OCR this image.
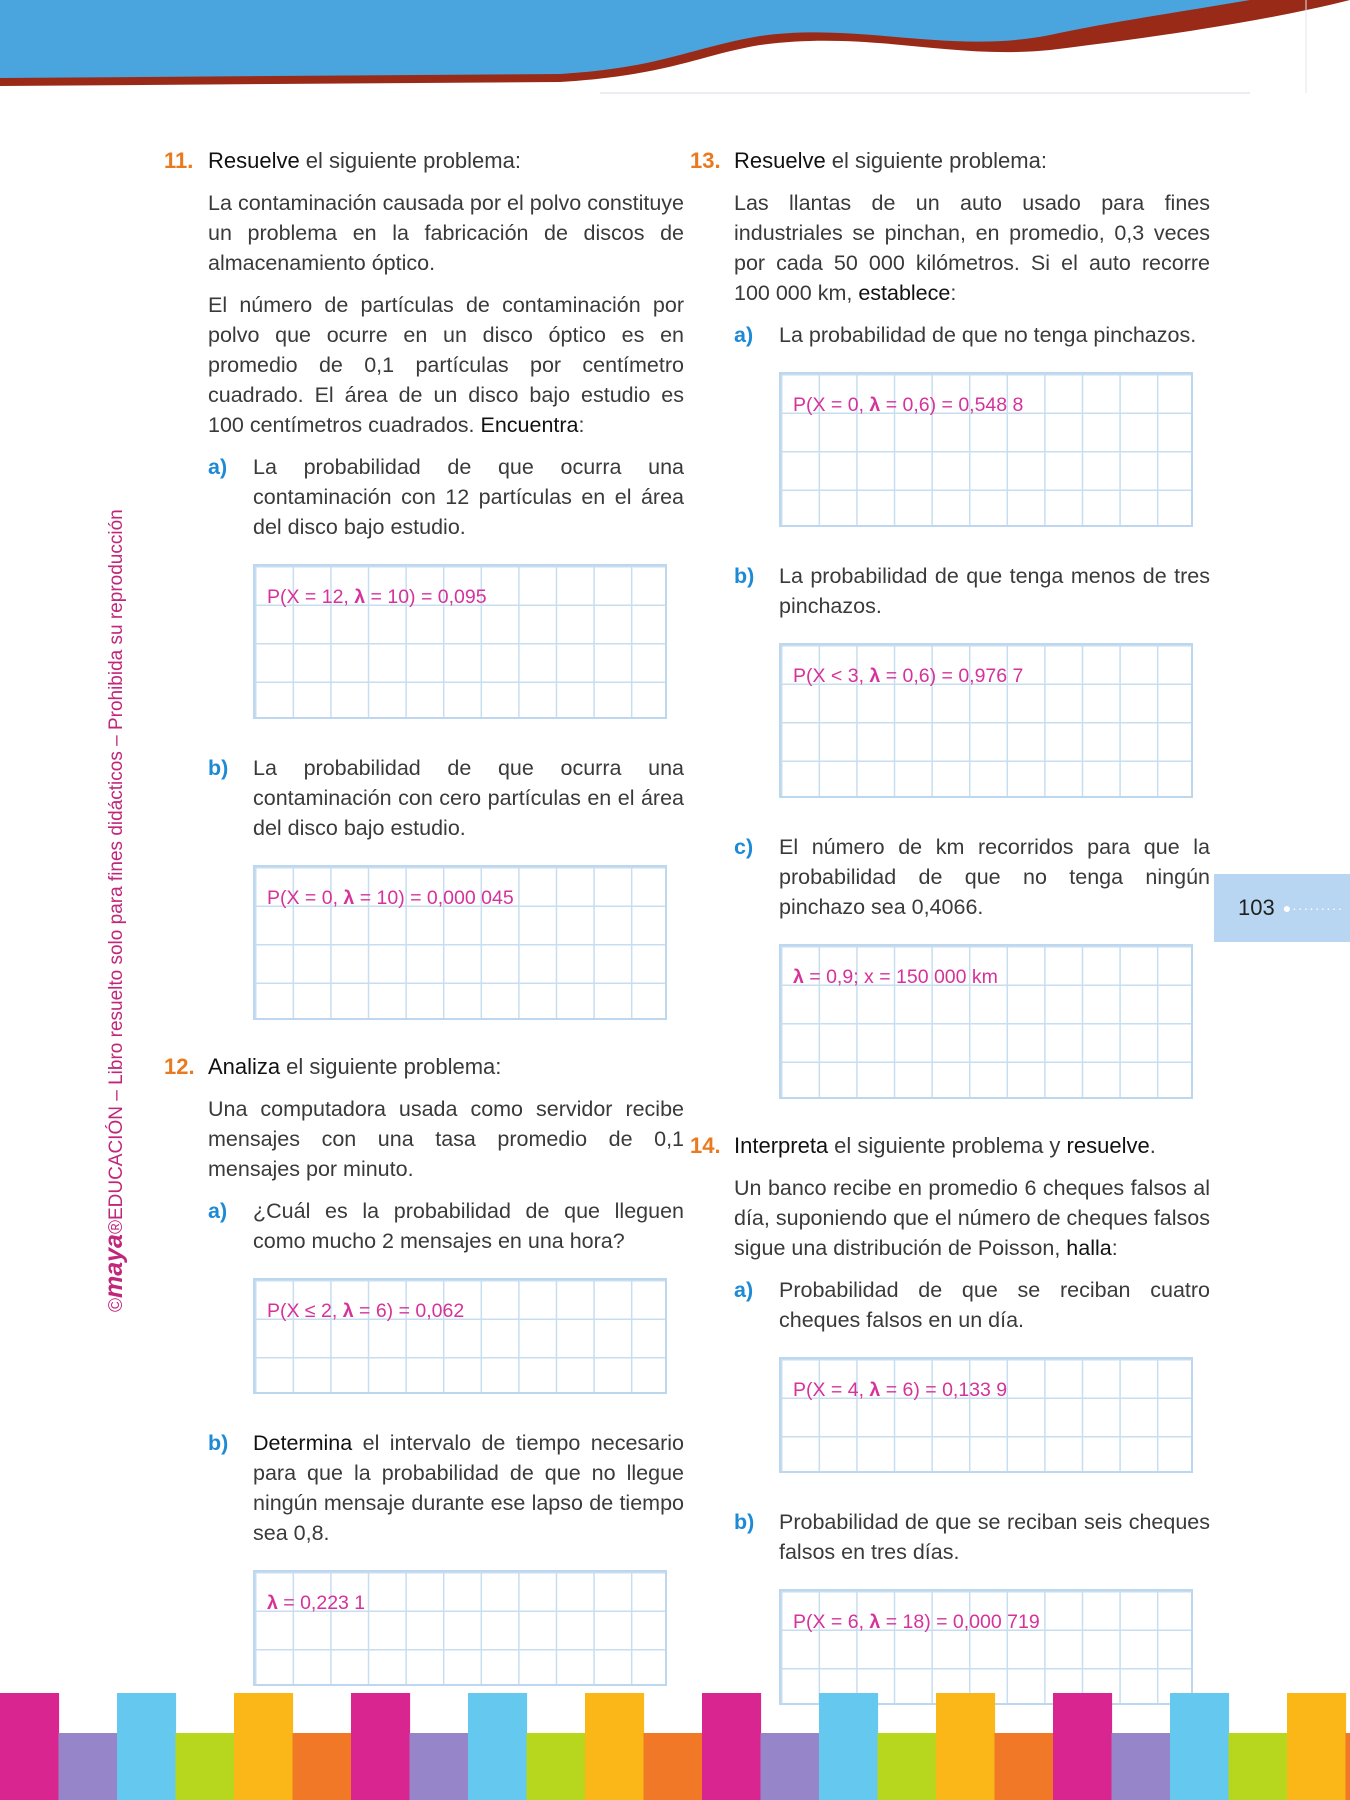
©maya®EDUCACIÓN – Libro resuelto solo para fines didácticos – Prohibida su reproducción	103 ●·········
11. Resuelve el siguiente problema:

La contaminación causada por el polvo constituye un problema en la fabricación de discos de almacenamiento óptico.

El número de partículas de contaminación por polvo que ocurre en un disco óptico es en promedio de 0,1 partículas por centímetro cuadrado. El área de un disco bajo estudio es 100 centímetros cuadrados. Encuentra:

a)	La probabilidad de que ocurra una contaminación con 12 partículas en el área del disco bajo estudio.
P(X = 12, λ = 10) = 0,095
b)	La probabilidad de que ocurra una contaminación con cero partículas en el área del disco bajo estudio.
P(X = 0, λ = 10) = 0,000 045
12. Analiza el siguiente problema:

Una computadora usada como servidor recibe mensajes con una tasa promedio de 0,1 mensajes por minuto.

a)	¿Cuál es la probabilidad de que lleguen como mucho 2 mensajes en una hora?
P(X ≤ 2, λ = 6) = 0,062
b)	Determina el intervalo de tiempo necesario para que la probabilidad de que no llegue ningún mensaje durante ese lapso de tiempo sea 0,8.
λ = 0,223 1
13. Resuelve el siguiente problema:

Las llantas de un auto usado para fines industriales se pinchan, en promedio, 0,3 veces por cada 50 000 kilómetros. Si el auto recorre 100 000 km, establece:

a)	La probabilidad de que no tenga pinchazos.
P(X = 0, λ = 0,6) = 0,548 8
b)	La probabilidad de que tenga menos de tres pinchazos.
P(X < 3, λ = 0,6) = 0,976 7
c)	El número de km recorridos para que la probabilidad de que no tenga ningún pinchazo sea 0,4066.
λ = 0,9; x = 150 000 km
14. Interpreta el siguiente problema y resuelve.

Un banco recibe en promedio 6 cheques falsos al día, suponiendo que el número de cheques falsos sigue una distribución de Poisson, halla:

a)	Probabilidad de que se reciban cuatro cheques falsos en un día.
P(X = 4, λ = 6) = 0,133 9
b)	Probabilidad de que se reciban seis cheques falsos en tres días.
P(X = 6, λ = 18) = 0,000 719
